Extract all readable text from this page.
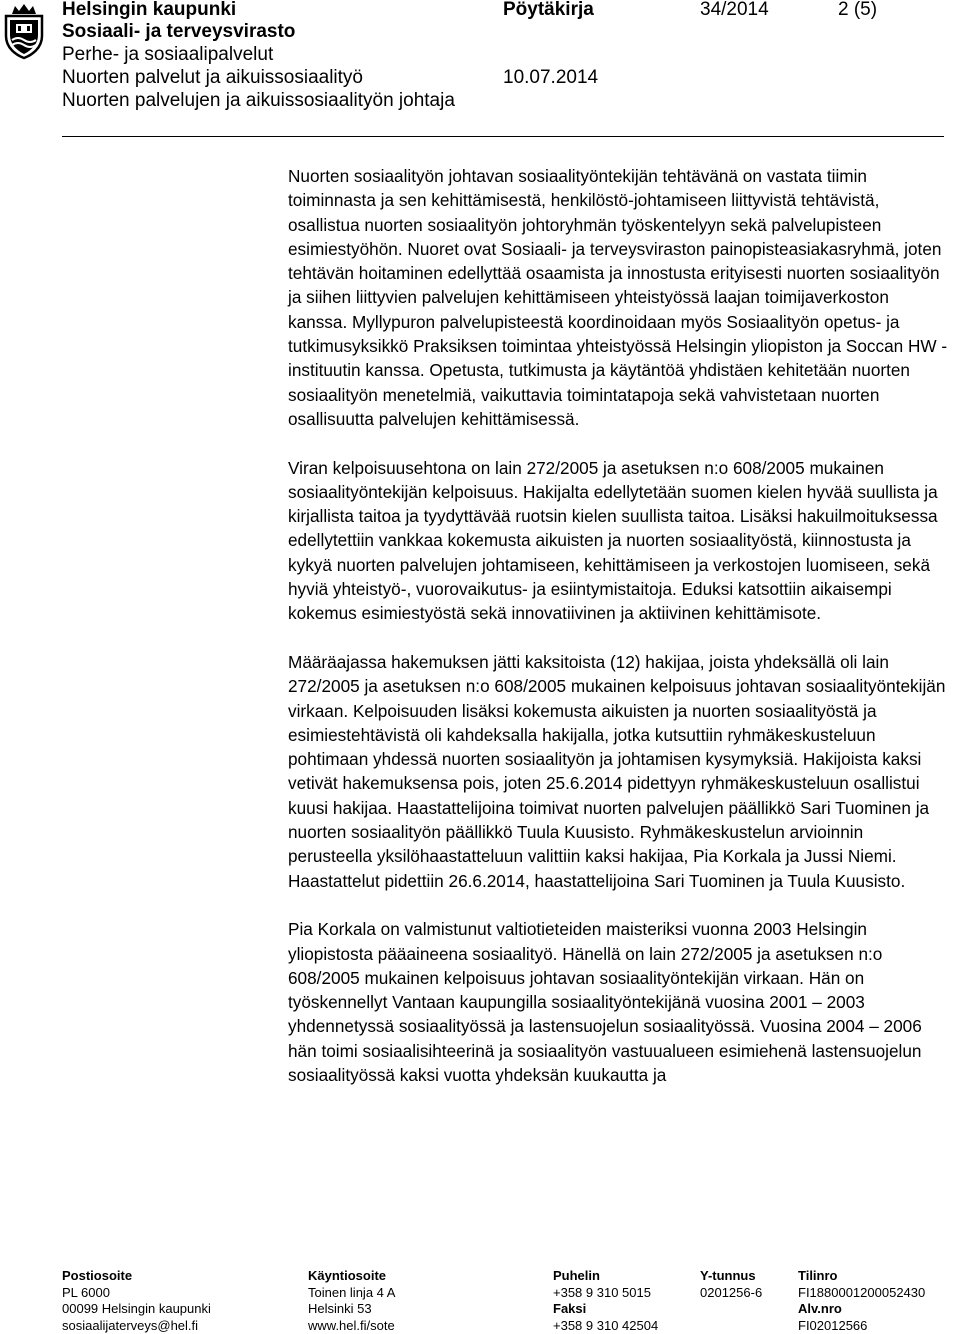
Helsingin kaupunki
Sosiaali- ja terveysvirasto
Perhe- ja sosiaalipalvelut
Nuorten palvelut ja aikuissosiaalityö
Nuorten palvelujen ja aikuissosiaalityön johtaja
Pöytäkirja	34/2014	2 (5)
10.07.2014

Nuorten sosiaalityön johtavan sosiaalityöntekijän tehtävänä on vastata tiimin toiminnasta ja sen kehittämisestä, henkilöstö-johtamiseen liittyvistä tehtävistä, osallistua nuorten sosiaalityön johtoryhmän työskentelyyn sekä palvelupisteen esimiestyöhön. Nuoret ovat Sosiaali- ja terveysviraston painopisteasiakasryhmä, joten tehtävän hoitaminen edellyttää osaamista ja innostusta erityisesti nuorten sosiaalityön ja siihen liittyvien palvelujen kehittämiseen yhteistyössä laajan toimijaverkoston kanssa. Myllypuron palvelupisteestä koordinoidaan myös Sosiaalityön opetus- ja tutkimusyksikkö Praksiksen toimintaa yhteistyössä Helsingin yliopiston ja Soccan HW -instituutin kanssa. Opetusta, tutkimusta ja käytäntöä yhdistäen kehitetään nuorten sosiaalityön menetelmiä, vaikuttavia toimintatapoja sekä vahvistetaan nuorten osallisuutta palvelujen kehittämisessä.

Viran kelpoisuusehtona on lain 272/2005 ja asetuksen n:o 608/2005 mukainen sosiaalityöntekijän kelpoisuus. Hakijalta edellytetään suomen kielen hyvää suullista ja kirjallista taitoa ja tyydyttävää ruotsin kielen suullista taitoa. Lisäksi hakuilmoituksessa edellytettiin vankkaa kokemusta aikuisten ja nuorten sosiaalityöstä, kiinnostusta ja kykyä nuorten palvelujen johtamiseen, kehittämiseen ja verkostojen luomiseen, sekä hyviä yhteistyö-, vuorovaikutus- ja esiintymistaitoja. Eduksi katsottiin aikaisempi kokemus esimiestyöstä sekä innovatiivinen ja aktiivinen kehittämisote.

Määräajassa hakemuksen jätti kaksitoista (12) hakijaa, joista yhdeksällä oli lain 272/2005 ja asetuksen n:o 608/2005 mukainen kelpoisuus johtavan sosiaalityöntekijän virkaan. Kelpoisuuden lisäksi kokemusta aikuisten ja nuorten sosiaalityöstä ja esimiestehtävistä oli kahdeksalla hakijalla, jotka kutsuttiin ryhmäkeskusteluun pohtimaan yhdessä nuorten sosiaalityön ja johtamisen kysymyksiä. Hakijoista kaksi vetivät hakemuksensa pois, joten 25.6.2014 pidettyyn ryhmäkeskusteluun osallistui kuusi hakijaa. Haastattelijoina toimivat nuorten palvelujen päällikkö Sari Tuominen ja nuorten sosiaalityön päällikkö Tuula Kuusisto. Ryhmäkeskustelun arvioinnin perusteella yksilöhaastatteluun valittiin kaksi hakijaa, Pia Korkala ja Jussi Niemi. Haastattelut pidettiin 26.6.2014, haastattelijoina Sari Tuominen ja Tuula Kuusisto.

Pia Korkala on valmistunut valtiotieteiden maisteriksi vuonna 2003 Helsingin yliopistosta pääaineena sosiaalityö. Hänellä on lain 272/2005 ja asetuksen n:o 608/2005 mukainen kelpoisuus johtavan sosiaalityöntekijän virkaan. Hän on työskennellyt Vantaan kaupungilla sosiaalityöntekijänä vuosina 2001 – 2003 yhdennetyssä sosiaalityössä ja lastensuojelun sosiaalityössä. Vuosina 2004 – 2006 hän toimi sosiaalisihteerinä ja sosiaalityön vastuualueen esimiehenä lastensuojelun sosiaalityössä kaksi vuotta yhdeksän kuukautta ja

Postiosoite
PL 6000
00099 Helsingin kaupunki
sosiaalijaterveys@hel.fi
Käyntiosoite
Toinen linja 4 A
Helsinki 53
www.hel.fi/sote
Puhelin
+358 9 310 5015
Faksi
+358 9 310 42504
Y-tunnus
0201256-6
Tilinro
FI1880001200052430
Alv.nro
FI02012566
